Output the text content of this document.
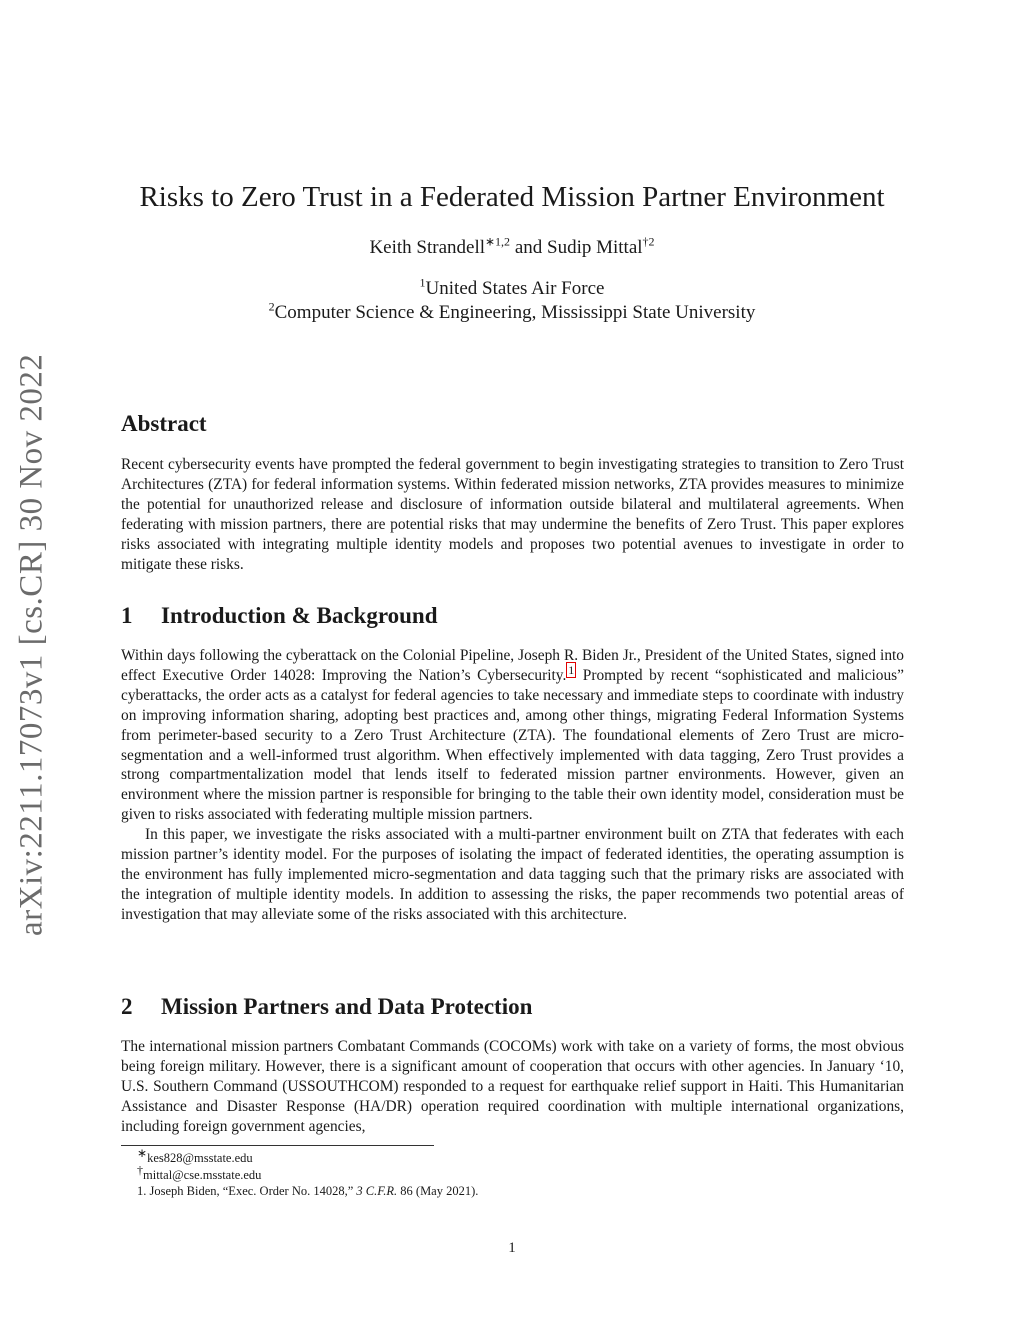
arXiv:2211.17073v1 [cs.CR] 30 Nov 2022
Risks to Zero Trust in a Federated Mission Partner Environment
Keith Strandell$^{∗1,2}$ and Sudip Mittal$^{\dagger 2}$
$^1$United States Air Force
$^2$Computer Science & Engineering, Mississippi State University
Abstract
Recent cybersecurity events have prompted the federal government to begin investigating strategies to transition to Zero Trust Architectures (ZTA) for federal information systems. Within federated mission networks, ZTA provides measures to minimize the potential for unauthorized release and disclosure of information outside bilateral and multilateral agreements. When federating with mission partners, there are potential risks that may undermine the benefits of Zero Trust. This paper explores risks associated with integrating multiple identity models and proposes two potential avenues to investigate in order to mitigate these risks.
1 Introduction & Background
Within days following the cyberattack on the Colonial Pipeline, Joseph R. Biden Jr., President of the United States, signed into effect Executive Order 14028: Improving the Nation’s Cybersecurity. $^1$ Prompted by recent “sophisticated and malicious” cyberattacks, the order acts as a catalyst for federal agencies to take necessary and immediate steps to coordinate with industry on improving information sharing, adopting best practices and, among other things, migrating Federal Information Systems from perimeter-based security to a Zero Trust Architecture (ZTA). The foundational elements of Zero Trust are micro-segmentation and a well-informed trust algorithm. When effectively implemented with data tagging, Zero Trust provides a strong compartmentalization model that lends itself to federated mission partner environments. However, given an environment where the mission partner is responsible for bringing to the table their own identity model, consideration must be given to risks associated with federating multiple mission partners.
In this paper, we investigate the risks associated with a multi-partner environment built on ZTA that federates with each mission partner’s identity model. For the purposes of isolating the impact of federated identities, the operating assumption is the environment has fully implemented micro-segmentation and data tagging such that the primary risks are associated with the integration of multiple identity models. In addition to assessing the risks, the paper recommends two potential areas of investigation that may alleviate some of the risks associated with this architecture.
2 Mission Partners and Data Protection
The international mission partners Combatant Commands (COCOMs) work with take on a variety of forms, the most obvious being foreign military. However, there is a significant amount of cooperation that occurs with other agencies. In January ‘10, U.S. Southern Command (USSOUTHCOM) responded to a request for earthquake relief support in Haiti. This Humanitarian Assistance and Disaster Response (HA/DR) operation required coordination with multiple international organizations, including foreign government agencies,
∗kes828@msstate.edu
†mittal@cse.msstate.edu
1. Joseph Biden, “Exec. Order No. 14028,” 3 C.F.R. 86 (May 2021).
1
